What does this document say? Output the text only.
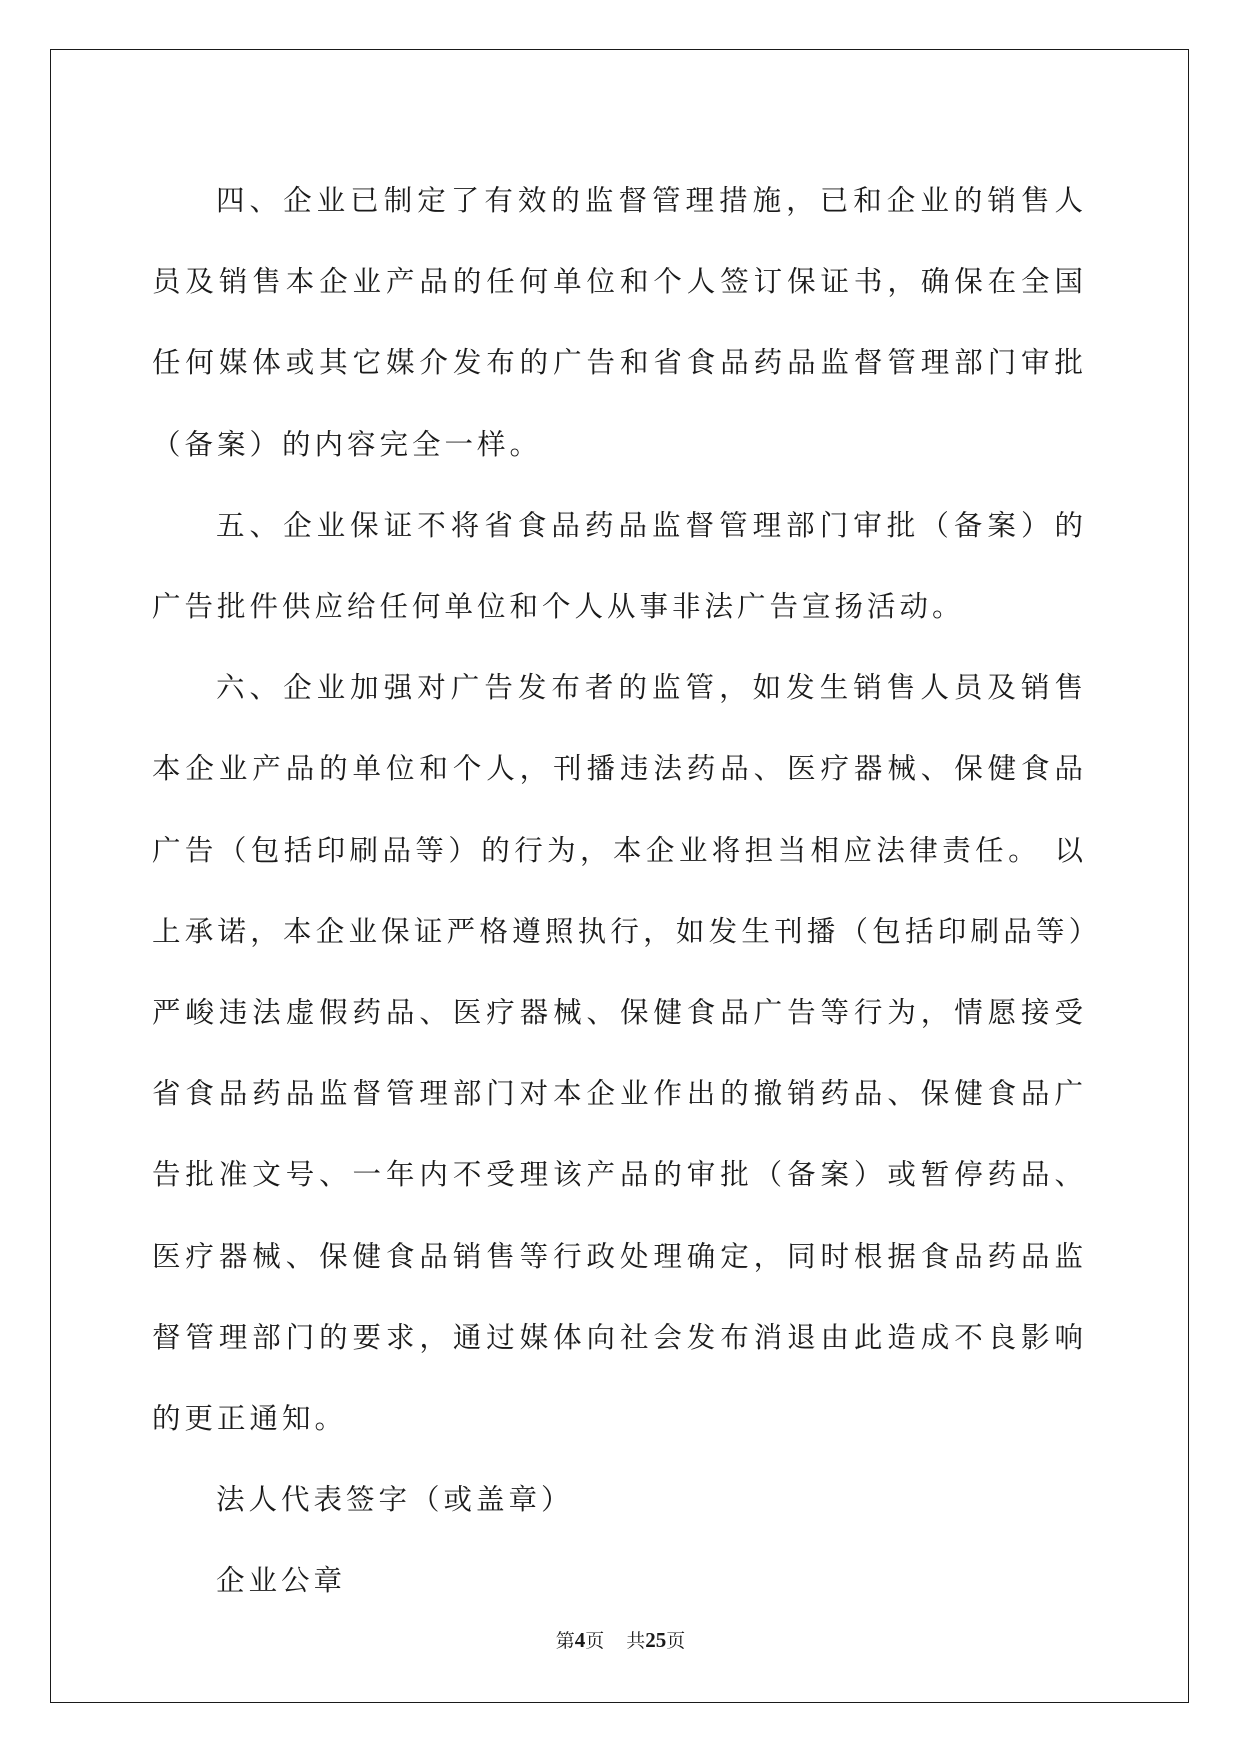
四、企业已制定了有效的监督管理措施，已和企业的销售人员及销售本企业产品的任何单位和个人签订保证书，确保在全国任何媒体或其它媒介发布的广告和省食品药品监督管理部门审批（备案）的内容完全一样。

五、企业保证不将省食品药品监督管理部门审批（备案）的广告批件供应给任何单位和个人从事非法广告宣扬活动。

六、企业加强对广告发布者的监管，如发生销售人员及销售本企业产品的单位和个人，刊播违法药品、医疗器械、保健食品广告（包括印刷品等）的行为，本企业将担当相应法律责任。 以上承诺，本企业保证严格遵照执行，如发生刊播（包括印刷品等）严峻违法虚假药品、医疗器械、保健食品广告等行为，情愿接受省食品药品监督管理部门对本企业作出的撤销药品、保健食品广告批准文号、一年内不受理该产品的审批（备案）或暂停药品、医疗器械、保健食品销售等行政处理确定，同时根据食品药品监督管理部门的要求，通过媒体向社会发布消退由此造成不良影响的更正通知。

法人代表签字（或盖章）

企业公章

第4页 共25页
